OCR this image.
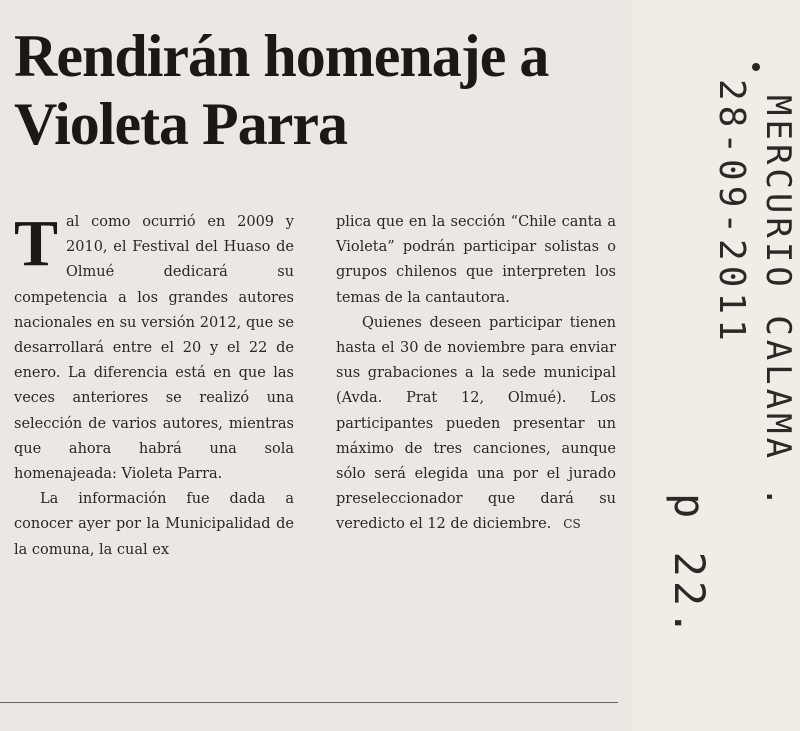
Rendirán homenaje a Violeta Parra

Tal como ocurrió en 2009 y 2010, el Festival del Huaso de Olmué dedicará su competencia a los grandes autores nacionales en su versión 2012, que se desarrollará entre el 20 y el 22 de enero. La diferencia está en que las veces anteriores se realizó una selección de varios autores, mientras que ahora habrá una sola homenajeada: Violeta Parra.

La información fue dada a conocer ayer por la Municipalidad de la comuna, la cual ex

plica que en la sección “Chile canta a Violeta” podrán participar solistas o grupos chilenos que interpreten los temas de la cantautora.

Quienes deseen participar tienen hasta el 30 de noviembre para enviar sus grabaciones a la sede municipal (Avda. Prat 12, Olmué). Los participantes pueden presentar un máximo de tres canciones, aunque sólo será elegida una por el jurado preseleccionador que dará su veredicto el 12 de diciembre. CS

MERCURIO CALAMA .
28-09-2011
p 22.
